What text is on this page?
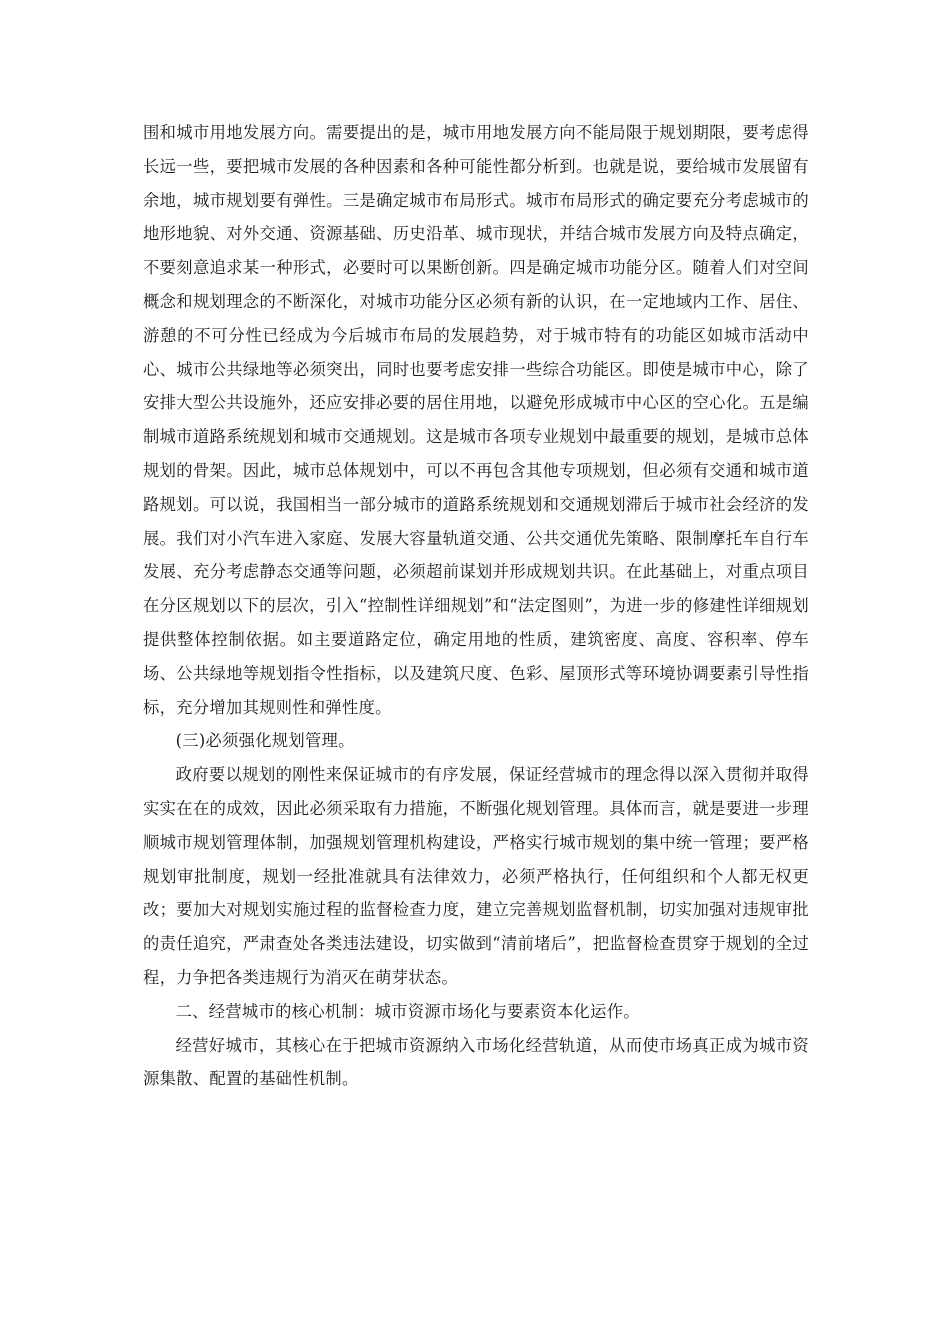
围和城市用地发展方向。需要提出的是，城市用地发展方向不能局限于规划期限，要考虑得长远一些，要把城市发展的各种因素和各种可能性都分析到。也就是说，要给城市发展留有余地，城市规划要有弹性。三是确定城市布局形式。城市布局形式的确定要充分考虑城市的地形地貌、对外交通、资源基础、历史沿革、城市现状，并结合城市发展方向及特点确定，不要刻意追求某一种形式，必要时可以果断创新。四是确定城市功能分区。随着人们对空间概念和规划理念的不断深化，对城市功能分区必须有新的认识，在一定地域内工作、居住、游憩的不可分性已经成为今后城市布局的发展趋势，对于城市特有的功能区如城市活动中心、城市公共绿地等必须突出，同时也要考虑安排一些综合功能区。即使是城市中心，除了安排大型公共设施外，还应安排必要的居住用地，以避免形成城市中心区的空心化。五是编制城市道路系统规划和城市交通规划。这是城市各项专业规划中最重要的规划，是城市总体规划的骨架。因此，城市总体规划中，可以不再包含其他专项规划，但必须有交通和城市道路规划。可以说，我国相当一部分城市的道路系统规划和交通规划滞后于城市社会经济的发展。我们对小汽车进入家庭、发展大容量轨道交通、公共交通优先策略、限制摩托车自行车发展、充分考虑静态交通等问题，必须超前谋划并形成规划共识。在此基础上，对重点项目在分区规划以下的层次，引入“控制性详细规划”和“法定图则”，为进一步的修建性详细规划提供整体控制依据。如主要道路定位，确定用地的性质，建筑密度、高度、容积率、停车场、公共绿地等规划指令性指标，以及建筑尺度、色彩、屋顶形式等环境协调要素引导性指标，充分增加其规则性和弹性度。

(三)必须强化规划管理。

政府要以规划的刚性来保证城市的有序发展，保证经营城市的理念得以深入贯彻并取得实实在在的成效，因此必须采取有力措施，不断强化规划管理。具体而言，就是要进一步理顺城市规划管理体制，加强规划管理机构建设，严格实行城市规划的集中统一管理；要严格规划审批制度，规划一经批准就具有法律效力，必须严格执行，任何组织和个人都无权更改；要加大对规划实施过程的监督检查力度，建立完善规划监督机制，切实加强对违规审批的责任追究，严肃查处各类违法建设，切实做到“清前堵后”，把监督检查贯穿于规划的全过程，力争把各类违规行为消灭在萌芽状态。

二、经营城市的核心机制：城市资源市场化与要素资本化运作。

经营好城市，其核心在于把城市资源纳入市场化经营轨道，从而使市场真正成为城市资源集散、配置的基础性机制。
